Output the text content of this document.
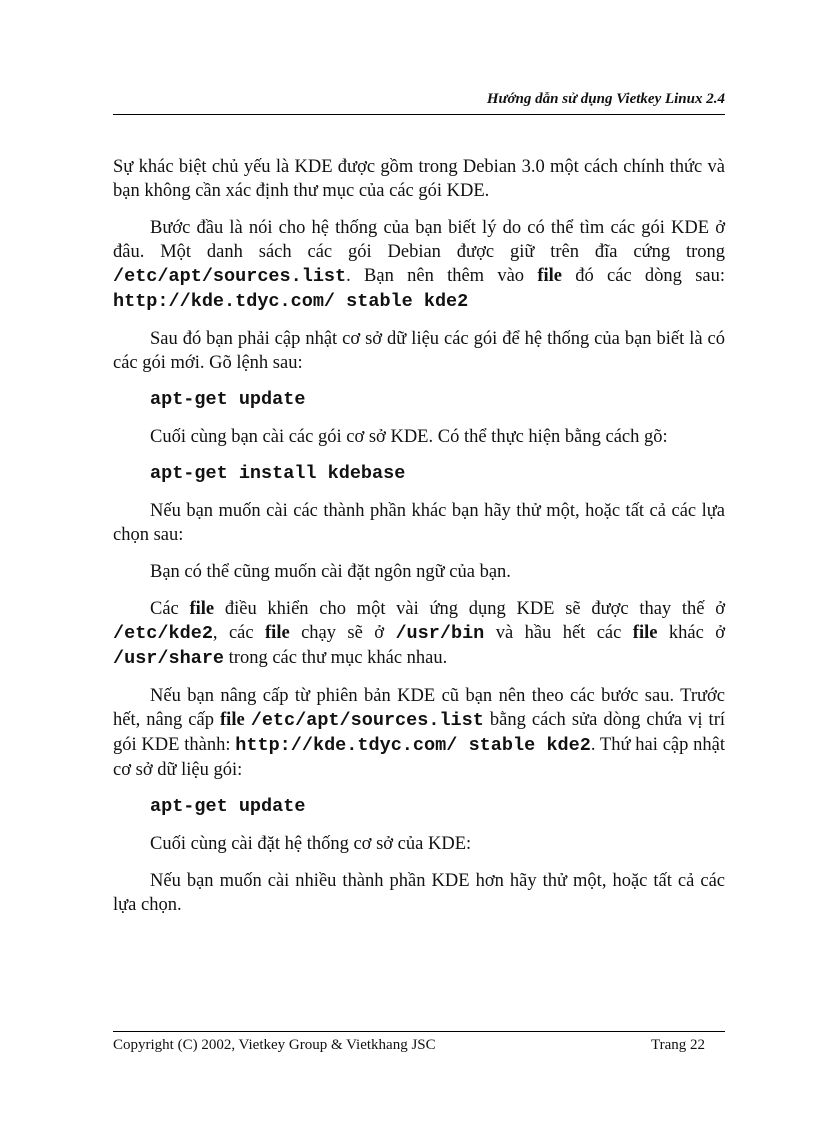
Hướng dẫn sử dụng Vietkey Linux 2.4

Sự khác biệt chủ yếu là KDE được gồm trong Debian 3.0 một cách chính thức và bạn không cần xác định thư mục của các gói KDE.

Bước đầu là nói cho hệ thống của bạn biết lý do có thể tìm các gói KDE ở đâu. Một danh sách các gói Debian được giữ trên đĩa cứng trong /etc/apt/sources.list. Bạn nên thêm vào file đó các dòng sau: http://kde.tdyc.com/ stable kde2

Sau đó bạn phải cập nhật cơ sở dữ liệu các gói để hệ thống của bạn biết là có các gói mới. Gõ lệnh sau:

apt-get update

Cuối cùng bạn cài các gói cơ sở KDE. Có thể thực hiện bằng cách gõ:

apt-get install kdebase

Nếu bạn muốn cài các thành phần khác bạn hãy thử một, hoặc tất cả các lựa chọn sau:

Bạn có thể cũng muốn cài đặt ngôn ngữ của bạn.

Các file điều khiển cho một vài ứng dụng KDE sẽ được thay thế ở /etc/kde2, các file chạy sẽ ở /usr/bin và hầu hết các file khác ở /usr/share trong các thư mục khác nhau.

Nếu bạn nâng cấp từ phiên bản KDE cũ bạn nên theo các bước sau. Trước hết, nâng cấp file /etc/apt/sources.list bằng cách sửa dòng chứa vị trí gói KDE thành: http://kde.tdyc.com/ stable kde2. Thứ hai cập nhật cơ sở dữ liệu gói:

apt-get update

Cuối cùng cài đặt hệ thống cơ sở của KDE:

Nếu bạn muốn cài nhiều thành phần KDE hơn hãy thử một, hoặc tất cả các lựa chọn.

Copyright (C) 2002, Vietkey Group & Vietkhang JSC	Trang 22
